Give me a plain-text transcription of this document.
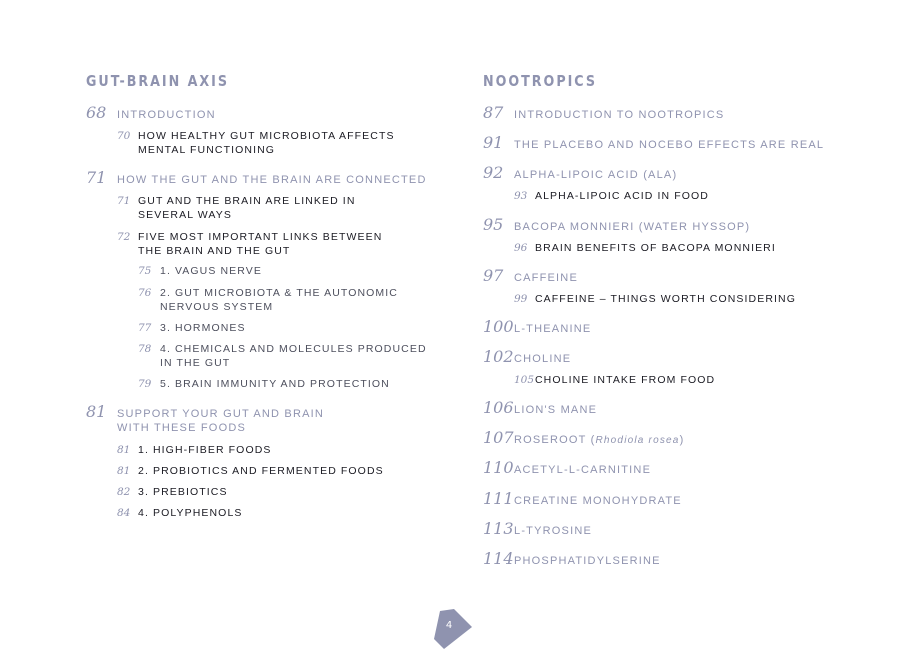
GUT-BRAIN AXIS
68 INTRODUCTION
70 HOW HEALTHY GUT MICROBIOTA AFFECTS
MENTAL FUNCTIONING
71 HOW THE GUT AND THE BRAIN ARE CONNECTED
71 GUT AND THE BRAIN ARE LINKED IN
SEVERAL WAYS
72 FIVE MOST IMPORTANT LINKS BETWEEN
THE BRAIN AND THE GUT
75 1. VAGUS NERVE
76 2. GUT MICROBIOTA & THE AUTONOMIC
NERVOUS SYSTEM
77 3. HORMONES
78 4. CHEMICALS AND MOLECULES PRODUCED
IN THE GUT
79 5. BRAIN IMMUNITY AND PROTECTION
81 SUPPORT YOUR GUT AND BRAIN
WITH THESE FOODS
81 1. HIGH-FIBER FOODS
81 2. PROBIOTICS AND FERMENTED FOODS
82 3. PREBIOTICS
84 4. POLYPHENOLS
NOOTROPICS
87 INTRODUCTION TO NOOTROPICS
91 THE PLACEBO AND NOCEBO EFFECTS ARE REAL
92 ALPHA-LIPOIC ACID (ALA)
93 ALPHA-LIPOIC ACID IN FOOD
95 BACOPA MONNIERI (WATER HYSSOP)
96 BRAIN BENEFITS OF BACOPA MONNIERI
97 CAFFEINE
99 CAFFEINE – THINGS WORTH CONSIDERING
100 L-THEANINE
102 CHOLINE
105 CHOLINE INTAKE FROM FOOD
106 LION'S MANE
107 ROSEROOT (Rhodiola rosea)
110 ACETYL-L-CARNITINE
111 CREATINE MONOHYDRATE
113 L-TYROSINE
114 PHOSPHATIDYLSERINE
4
